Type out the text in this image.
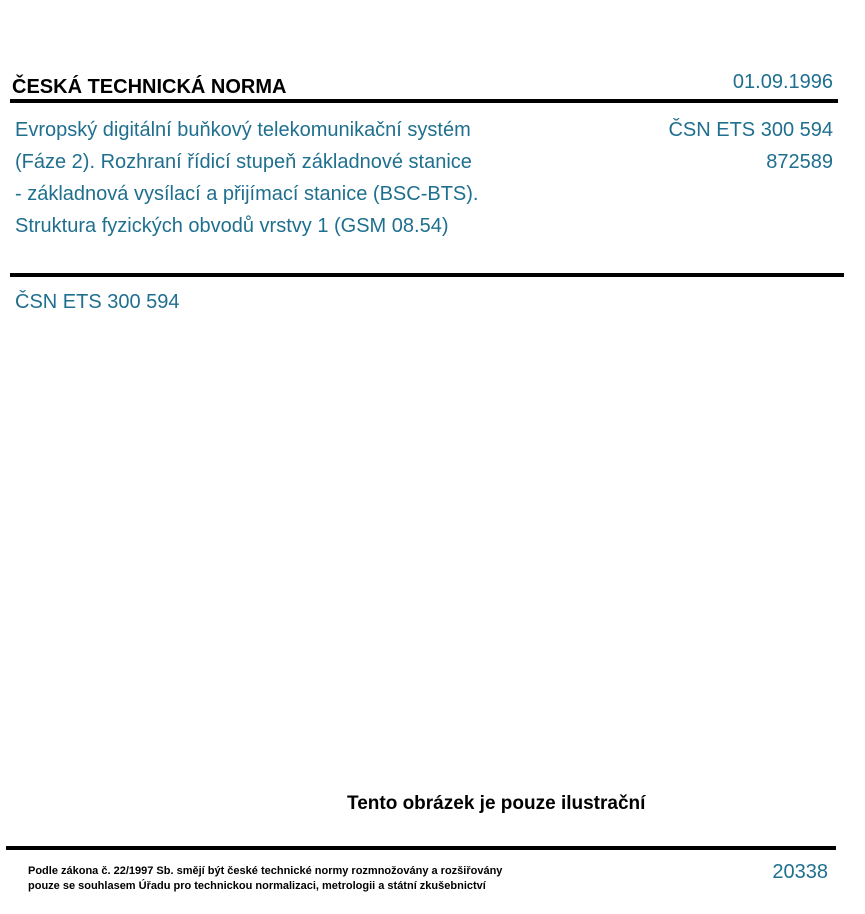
ČESKÁ TECHNICKÁ NORMA	01.09.1996
Evropský digitální buňkový telekomunikační systém
(Fáze 2). Rozhraní řídicí stupeň základnové stanice
- základnová vysílací a přijímací stanice (BSC-BTS).
Struktura fyzických obvodů vrstvy 1 (GSM 08.54)
ČSN ETS 300 594
872589
ČSN ETS 300 594
Tento obrázek je pouze ilustrační
Podle zákona č. 22/1997 Sb. smějí být české technické normy rozmnožovány a rozšiřovány
pouze se souhlasem Úřadu pro technickou normalizaci, metrologii a státní zkušebnictví
20338
